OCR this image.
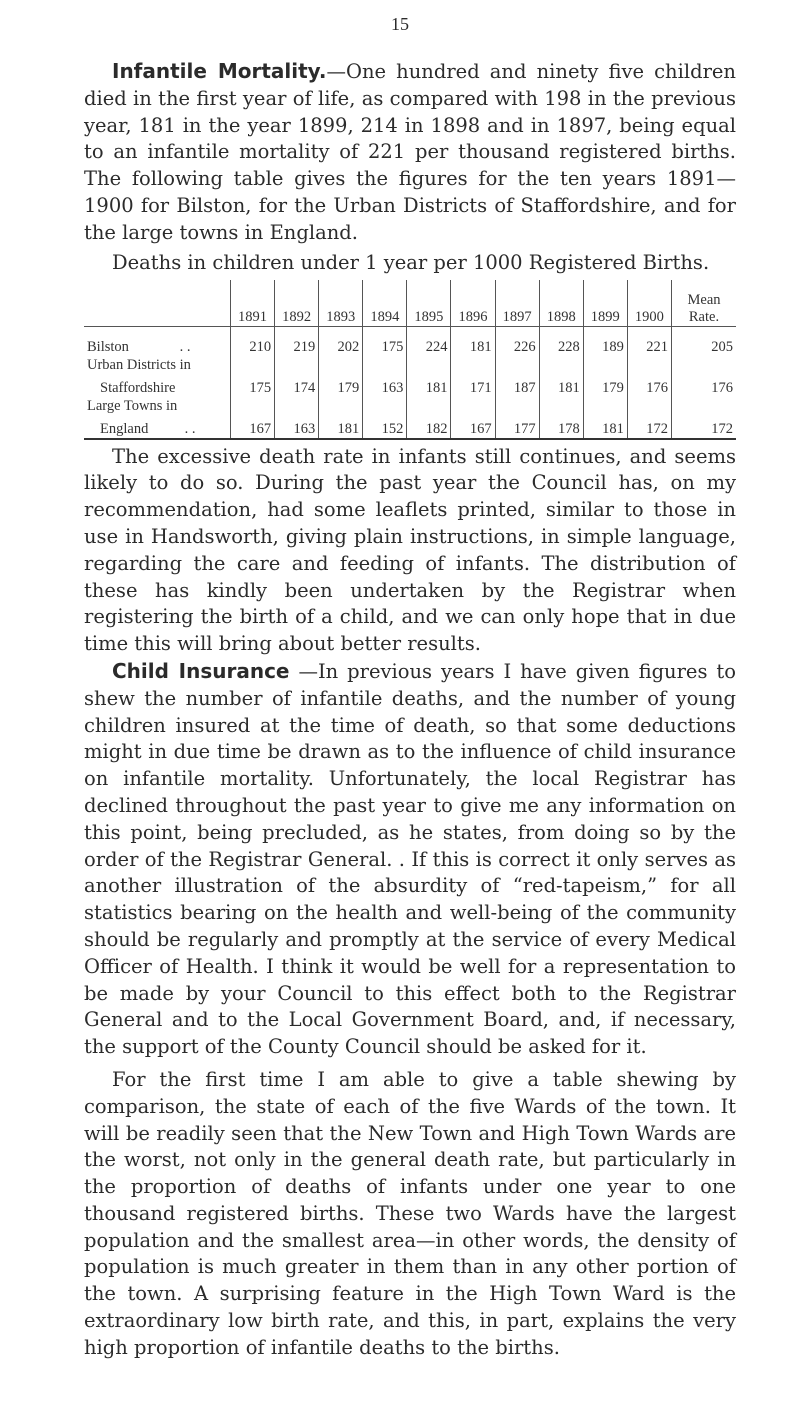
15

Infantile Mortality.—One hundred and ninety five children died in the first year of life, as compared with 198 in the previous year, 181 in the year 1899, 214 in 1898 and in 1897, being equal to an infantile mortality of 221 per thousand registered births. The following table gives the figures for the ten years 1891—1900 for Bilston, for the Urban Districts of Staffordshire, and for the large towns in England.

Deaths in children under 1 year per 1000 Registered Births.
	1891	1892	1893	1894	1895	1896	1897	1898	1899	1900	Mean Rate.
Bilston . .	210	219	202	175	224	181	226	228	189	221	205
Urban Districts in											
Staffordshire	175	174	179	163	181	171	187	181	179	176	176
Large Towns in											
England . .	167	163	181	152	182	167	177	178	181	172	172

The excessive death rate in infants still continues, and seems likely to do so. During the past year the Council has, on my recommendation, had some leaflets printed, similar to those in use in Handsworth, giving plain instructions, in simple language, regarding the care and feeding of infants. The distribution of these has kindly been undertaken by the Registrar when registering the birth of a child, and we can only hope that in due time this will bring about better results.

Child Insurance —In previous years I have given figures to shew the number of infantile deaths, and the number of young children insured at the time of death, so that some deductions might in due time be drawn as to the influence of child insurance on infantile mortality. Unfortunately, the local Registrar has declined throughout the past year to give me any information on this point, being precluded, as he states, from doing so by the order of the Registrar General. . If this is correct it only serves as another illustration of the absurdity of “red-tapeism,” for all statistics bearing on the health and well-being of the community should be regularly and promptly at the service of every Medical Officer of Health. I think it would be well for a representation to be made by your Council to this effect both to the Registrar General and to the Local Government Board, and, if necessary, the support of the County Council should be asked for it.

For the first time I am able to give a table shewing by comparison, the state of each of the five Wards of the town. It will be readily seen that the New Town and High Town Wards are the worst, not only in the general death rate, but particularly in the proportion of deaths of infants under one year to one thousand registered births. These two Wards have the largest population and the smallest area—in other words, the density of population is much greater in them than in any other portion of the town. A surprising feature in the High Town Ward is the extraordinary low birth rate, and this, in part, explains the very high proportion of infantile deaths to the births.
